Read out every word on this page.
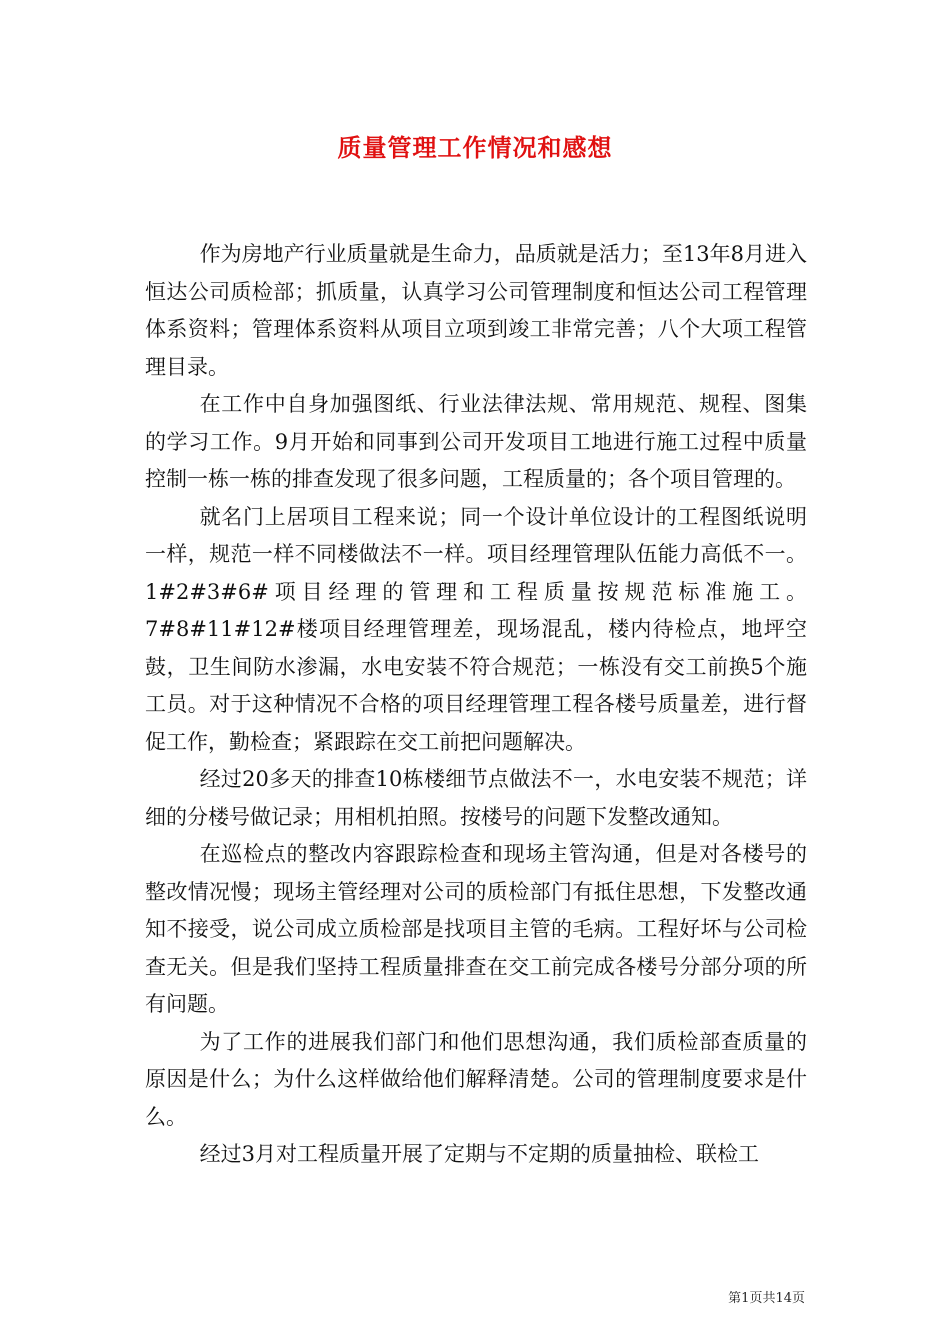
质量管理工作情况和感想

作为房地产行业质量就是生命力，品质就是活力；至13年8月进入恒达公司质检部；抓质量，认真学习公司管理制度和恒达公司工程管理体系资料；管理体系资料从项目立项到竣工非常完善；八个大项工程管理目录。

在工作中自身加强图纸、行业法律法规、常用规范、规程、图集的学习工作。9月开始和同事到公司开发项目工地进行施工过程中质量控制一栋一栋的排查发现了很多问题，工程质量的；各个项目管理的。

就名门上居项目工程来说；同一个设计单位设计的工程图纸说明一样，规范一样不同楼做法不一样。项目经理管理队伍能力高低不一。1#2#3#6#项目经理的管理和工程质量按规范标准施工。7#8#11#12#楼项目经理管理差，现场混乱，楼内待检点，地坪空鼓，卫生间防水渗漏，水电安装不符合规范；一栋没有交工前换5个施工员。对于这种情况不合格的项目经理管理工程各楼号质量差，进行督促工作，勤检查；紧跟踪在交工前把问题解决。

经过20多天的排查10栋楼细节点做法不一，水电安装不规范；详细的分楼号做记录；用相机拍照。按楼号的问题下发整改通知。

在巡检点的整改内容跟踪检查和现场主管沟通，但是对各楼号的整改情况慢；现场主管经理对公司的质检部门有抵住思想，下发整改通知不接受，说公司成立质检部是找项目主管的毛病。工程好坏与公司检查无关。但是我们坚持工程质量排查在交工前完成各楼号分部分项的所有问题。

为了工作的进展我们部门和他们思想沟通，我们质检部查质量的原因是什么；为什么这样做给他们解释清楚。公司的管理制度要求是什么。

经过3月对工程质量开展了定期与不定期的质量抽检、联检工

第1页共14页
